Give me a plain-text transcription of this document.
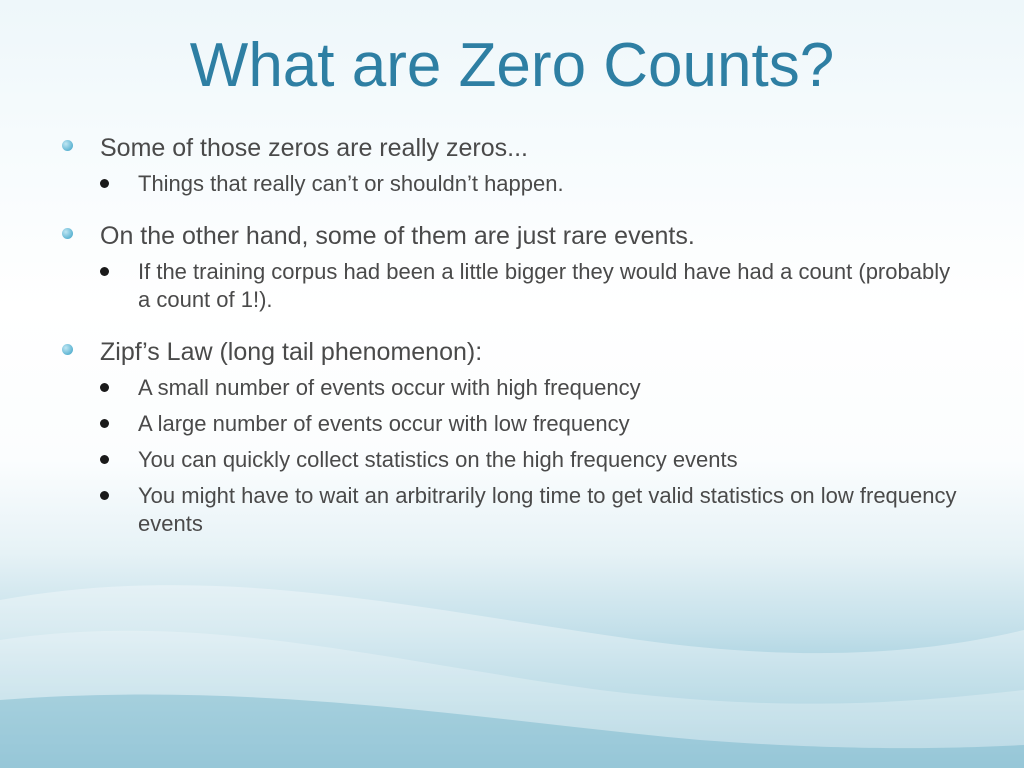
What are Zero Counts?
Some of those zeros are really zeros...
Things that really can’t or shouldn’t happen.
On the other hand, some of them are just rare events.
If the training corpus had been a little bigger they would have had a count (probably a count of 1!).
Zipf’s Law (long tail phenomenon):
A small number of events occur with high frequency
A large number of events occur with low frequency
You can quickly collect statistics on the high frequency events
You might have to wait an arbitrarily long time to get valid statistics on low frequency events
